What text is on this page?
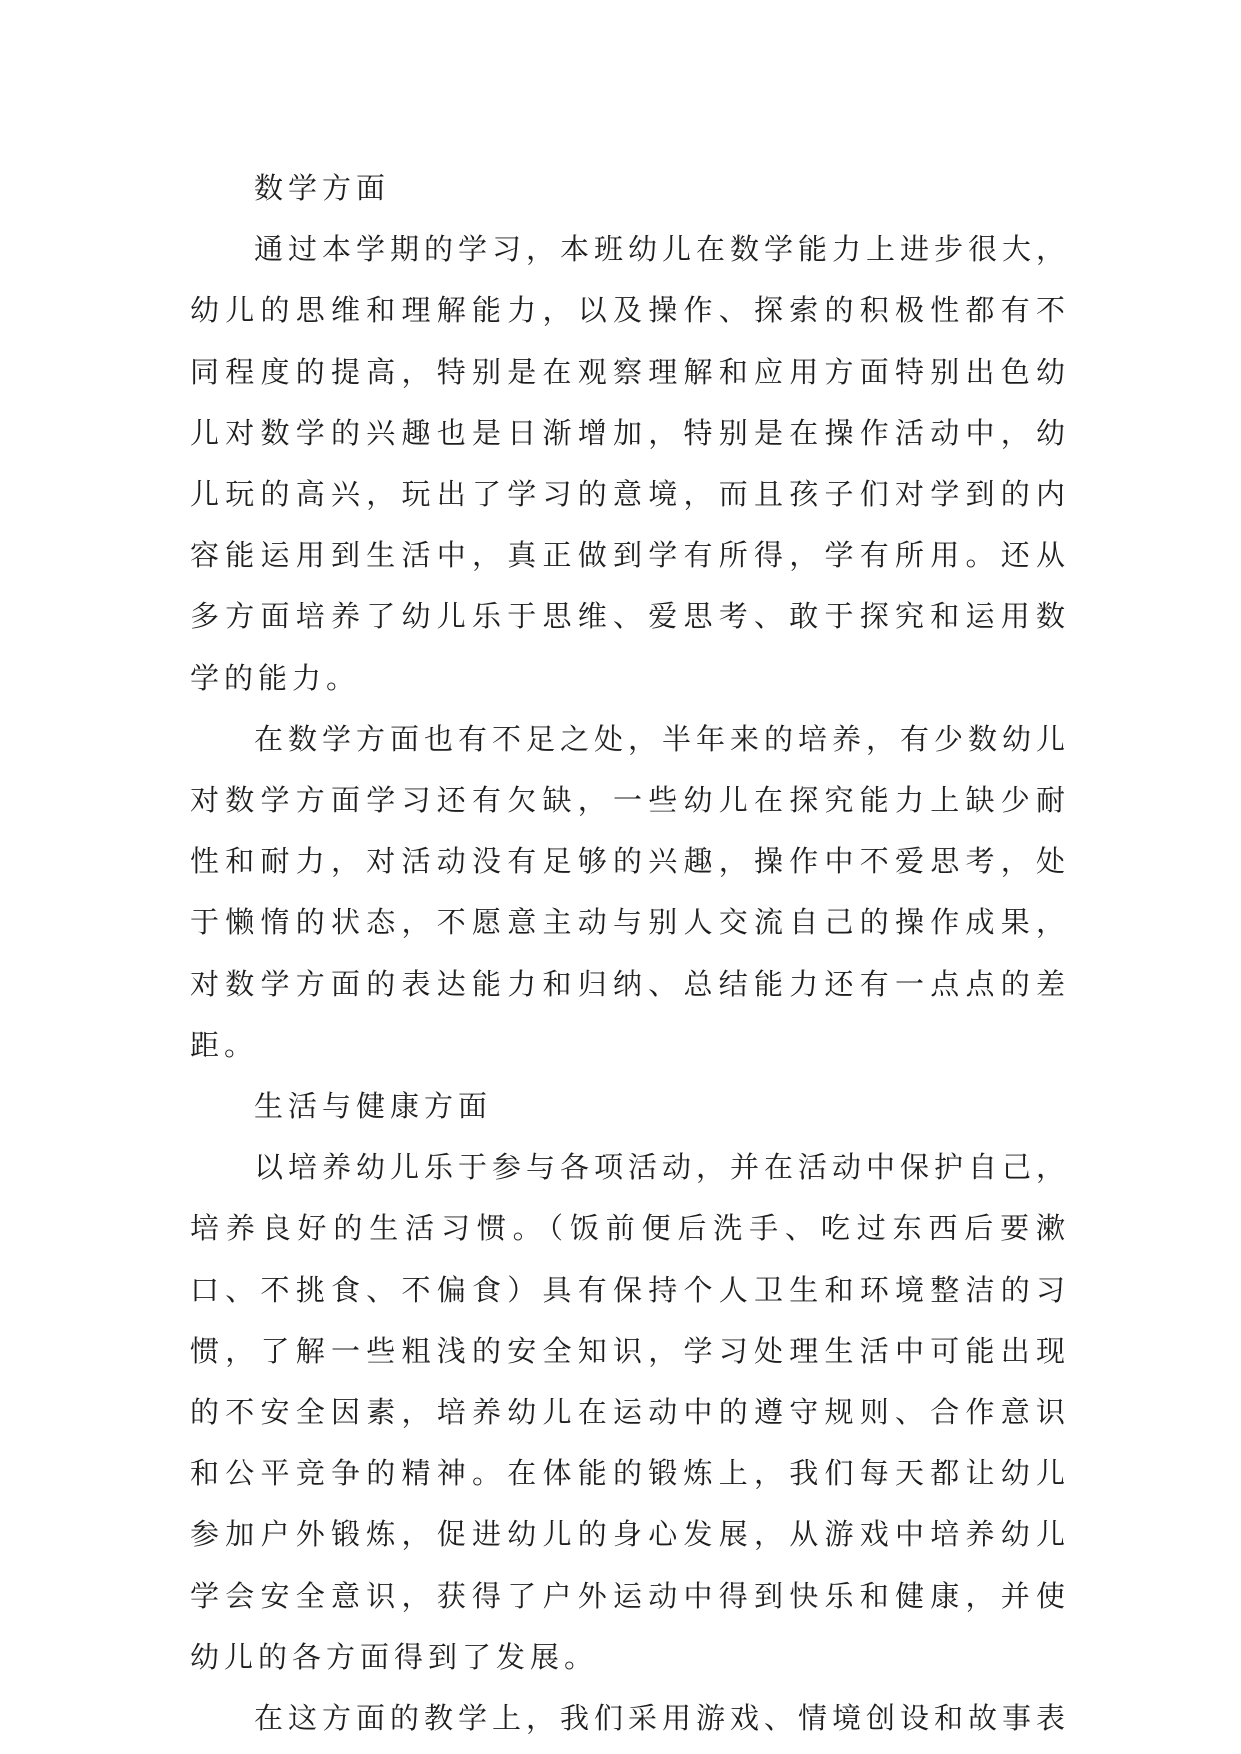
数学方面

通过本学期的学习，本班幼儿在数学能力上进步很大，幼儿的思维和理解能力，以及操作、探索的积极性都有不同程度的提高，特别是在观察理解和应用方面特别出色幼儿对数学的兴趣也是日渐增加，特别是在操作活动中，幼儿玩的高兴，玩出了学习的意境，而且孩子们对学到的内容能运用到生活中，真正做到学有所得，学有所用。还从多方面培养了幼儿乐于思维、爱思考、敢于探究和运用数学的能力。

在数学方面也有不足之处，半年来的培养，有少数幼儿对数学方面学习还有欠缺，一些幼儿在探究能力上缺少耐性和耐力，对活动没有足够的兴趣，操作中不爱思考，处于懒惰的状态，不愿意主动与别人交流自己的操作成果，对数学方面的表达能力和归纳、总结能力还有一点点的差距。

生活与健康方面

以培养幼儿乐于参与各项活动，并在活动中保护自己，培养良好的生活习惯。（饭前便后洗手、吃过东西后要漱口、不挑食、不偏食）具有保持个人卫生和环境整洁的习惯，了解一些粗浅的安全知识，学习处理生活中可能出现的不安全因素，培养幼儿在运动中的遵守规则、合作意识和公平竞争的精神。在体能的锻炼上，我们每天都让幼儿参加户外锻炼，促进幼儿的身心发展，从游戏中培养幼儿学会安全意识，获得了户外运动中得到快乐和健康，并使幼儿的各方面得到了发展。

在这方面的教学上，我们采用游戏、情境创设和故事表
